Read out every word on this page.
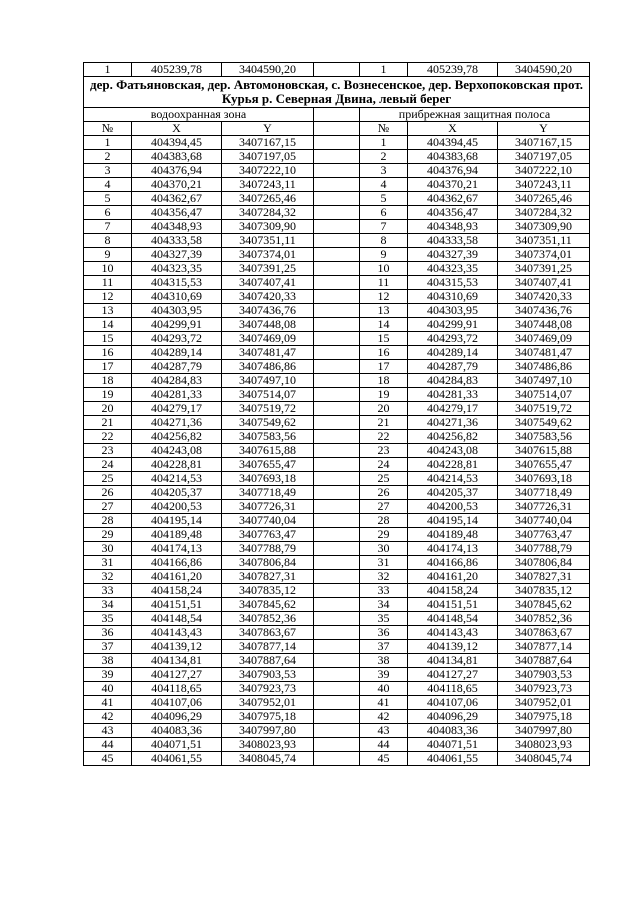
1	405239,78	3404590,20		1	405239,78	3404590,20
дер. Фатьяновская, дер. Автомоновская, с. Вознесенское, дер. Верхопоковская прот. Курья р. Северная Двина, левый берег						
водоохранная зона				прибрежная защитная полоса		
№	X	Y		№	X	Y
1	404394,45	3407167,15		1	404394,45	3407167,15
2	404383,68	3407197,05		2	404383,68	3407197,05
3	404376,94	3407222,10		3	404376,94	3407222,10
4	404370,21	3407243,11		4	404370,21	3407243,11
5	404362,67	3407265,46		5	404362,67	3407265,46
6	404356,47	3407284,32		6	404356,47	3407284,32
7	404348,93	3407309,90		7	404348,93	3407309,90
8	404333,58	3407351,11		8	404333,58	3407351,11
9	404327,39	3407374,01		9	404327,39	3407374,01
10	404323,35	3407391,25		10	404323,35	3407391,25
11	404315,53	3407407,41		11	404315,53	3407407,41
12	404310,69	3407420,33		12	404310,69	3407420,33
13	404303,95	3407436,76		13	404303,95	3407436,76
14	404299,91	3407448,08		14	404299,91	3407448,08
15	404293,72	3407469,09		15	404293,72	3407469,09
16	404289,14	3407481,47		16	404289,14	3407481,47
17	404287,79	3407486,86		17	404287,79	3407486,86
18	404284,83	3407497,10		18	404284,83	3407497,10
19	404281,33	3407514,07		19	404281,33	3407514,07
20	404279,17	3407519,72		20	404279,17	3407519,72
21	404271,36	3407549,62		21	404271,36	3407549,62
22	404256,82	3407583,56		22	404256,82	3407583,56
23	404243,08	3407615,88		23	404243,08	3407615,88
24	404228,81	3407655,47		24	404228,81	3407655,47
25	404214,53	3407693,18		25	404214,53	3407693,18
26	404205,37	3407718,49		26	404205,37	3407718,49
27	404200,53	3407726,31		27	404200,53	3407726,31
28	404195,14	3407740,04		28	404195,14	3407740,04
29	404189,48	3407763,47		29	404189,48	3407763,47
30	404174,13	3407788,79		30	404174,13	3407788,79
31	404166,86	3407806,84		31	404166,86	3407806,84
32	404161,20	3407827,31		32	404161,20	3407827,31
33	404158,24	3407835,12		33	404158,24	3407835,12
34	404151,51	3407845,62		34	404151,51	3407845,62
35	404148,54	3407852,36		35	404148,54	3407852,36
36	404143,43	3407863,67		36	404143,43	3407863,67
37	404139,12	3407877,14		37	404139,12	3407877,14
38	404134,81	3407887,64		38	404134,81	3407887,64
39	404127,27	3407903,53		39	404127,27	3407903,53
40	404118,65	3407923,73		40	404118,65	3407923,73
41	404107,06	3407952,01		41	404107,06	3407952,01
42	404096,29	3407975,18		42	404096,29	3407975,18
43	404083,36	3407997,80		43	404083,36	3407997,80
44	404071,51	3408023,93		44	404071,51	3408023,93
45	404061,55	3408045,74		45	404061,55	3408045,74
